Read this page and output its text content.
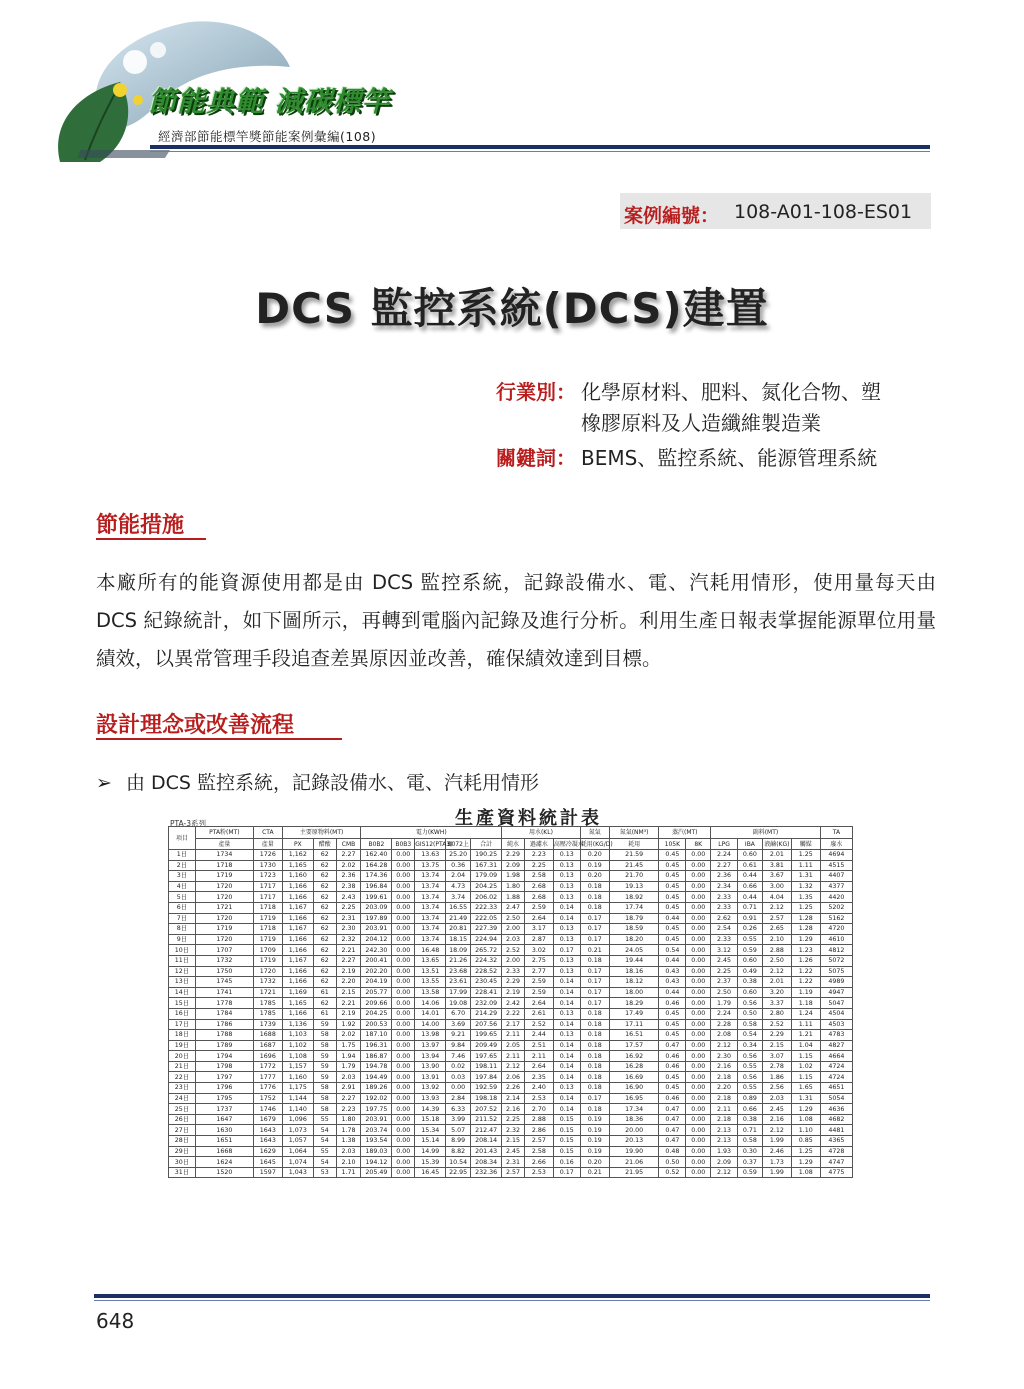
節能典範 減碳標竿
經濟部節能標竿獎節能案例彙編(108)
案例編號： 108-A01-108-ES01
DCS 監控系統(DCS)建置
行業別： 化學原材料、肥料、氮化合物、塑
橡膠原料及人造纖維製造業
關鍵詞： BEMS、監控系統、能源管理系統
節能措施
本廠所有的能資源使用都是由 DCS 監控系統，記錄設備水、電、汽耗用情形，使用量每天由 DCS 紀錄統計，如下圖所示，再轉到電腦內記錄及進行分析。利用生產日報表掌握能源單位用量績效，以異常管理手段追查差異原因並改善，確保績效達到目標。
設計理念或改善流程
➢ 由 DCS 監控系統，記錄設備水、電、汽耗用情形
生產資料統計表
PTA-3系列
項目	PTA粉(MT)	CTA	主要原物料(MT)			電力(KWH)					用水(KL)			氮氣	氮氣(NM³)	蒸汽(MT)		副料(MT)				TA
	產量	產量	PX	醋酸	CMB	B0B2	B0B3	GIS12(PTA3)	B072上	合計	純水	過濾水	高壓冷凝水	耗用(KG/D)	耗用	105K	8K	LPG	IBA	液鹼(KG)	觸媒	廢水
1日	1734	1726	1,162	62	2.27	162.40	0.00	13.63	25.20	190.25	2.29	2.23	0.13	0.20	21.59	0.45	0.00	2.24	0.60	2.01	1.25	4694
2日	1718	1730	1,165	62	2.02	164.28	0.00	13.75	0.36	167.31	2.09	2.25	0.13	0.19	21.45	0.45	0.00	2.27	0.61	3.81	1.11	4515
3日	1719	1723	1,160	62	2.36	174.36	0.00	13.74	2.04	179.09	1.98	2.58	0.13	0.20	21.70	0.45	0.00	2.36	0.44	3.67	1.31	4407
4日	1720	1717	1,166	62	2.38	196.84	0.00	13.74	4.73	204.25	1.80	2.68	0.13	0.18	19.13	0.45	0.00	2.34	0.66	3.00	1.32	4377
5日	1720	1717	1,166	62	2.43	199.61	0.00	13.74	3.74	206.02	1.88	2.68	0.13	0.18	18.92	0.45	0.00	2.33	0.44	4.04	1.35	4420
6日	1721	1718	1,167	62	2.25	203.09	0.00	13.74	16.55	222.33	2.47	2.59	0.14	0.18	17.74	0.45	0.00	2.33	0.71	2.12	1.25	5202
7日	1720	1719	1,166	62	2.31	197.89	0.00	13.74	21.49	222.05	2.50	2.64	0.14	0.17	18.79	0.44	0.00	2.62	0.91	2.57	1.28	5162
8日	1719	1718	1,167	62	2.30	203.91	0.00	13.74	20.81	227.39	2.00	3.17	0.13	0.17	18.59	0.45	0.00	2.54	0.26	2.65	1.28	4720
9日	1720	1719	1,166	62	2.32	204.12	0.00	13.74	18.15	224.94	2.03	2.87	0.13	0.17	18.20	0.45	0.00	2.33	0.55	2.10	1.29	4610
10日	1707	1709	1,166	62	2.21	242.30	0.00	16.48	18.09	265.72	2.52	3.02	0.17	0.21	24.05	0.54	0.00	3.12	0.59	2.88	1.23	4812
11日	1732	1719	1,167	62	2.27	200.41	0.00	13.65	21.26	224.32	2.00	2.75	0.13	0.18	19.44	0.44	0.00	2.45	0.60	2.50	1.26	5072
12日	1750	1720	1,166	62	2.19	202.20	0.00	13.51	23.68	228.52	2.33	2.77	0.13	0.17	18.16	0.43	0.00	2.25	0.49	2.12	1.22	5075
13日	1745	1732	1,166	62	2.20	204.19	0.00	13.55	23.61	230.45	2.29	2.59	0.14	0.17	18.12	0.43	0.00	2.37	0.38	2.01	1.22	4989
14日	1741	1721	1,169	61	2.15	205.77	0.00	13.58	17.99	228.41	2.19	2.59	0.14	0.17	18.00	0.44	0.00	2.50	0.60	3.20	1.19	4947
15日	1778	1785	1,165	62	2.21	209.66	0.00	14.06	19.08	232.09	2.42	2.64	0.14	0.17	18.29	0.46	0.00	1.79	0.56	3.37	1.18	5047
16日	1784	1785	1,166	61	2.19	204.25	0.00	14.01	6.70	214.29	2.22	2.61	0.13	0.18	17.49	0.45	0.00	2.24	0.50	2.80	1.24	4504
17日	1786	1739	1,136	59	1.92	200.53	0.00	14.00	3.69	207.56	2.17	2.52	0.14	0.18	17.11	0.45	0.00	2.28	0.58	2.52	1.11	4503
18日	1788	1688	1,103	58	2.02	187.10	0.00	13.98	9.21	199.65	2.11	2.44	0.13	0.18	16.51	0.45	0.00	2.08	0.54	2.29	1.21	4783
19日	1789	1687	1,102	58	1.75	196.31	0.00	13.97	9.84	209.49	2.05	2.51	0.14	0.18	17.57	0.47	0.00	2.12	0.34	2.15	1.04	4827
20日	1794	1696	1,108	59	1.94	186.87	0.00	13.94	7.46	197.65	2.11	2.11	0.14	0.18	16.92	0.46	0.00	2.30	0.56	3.07	1.15	4664
21日	1798	1772	1,157	59	1.79	194.78	0.00	13.90	0.02	198.11	2.12	2.64	0.14	0.18	16.28	0.46	0.00	2.16	0.55	2.78	1.02	4724
22日	1797	1777	1,160	59	2.03	194.49	0.00	13.91	0.03	197.84	2.06	2.35	0.14	0.18	16.69	0.45	0.00	2.18	0.56	1.86	1.15	4724
23日	1796	1776	1,175	58	2.91	189.26	0.00	13.92	0.00	192.59	2.26	2.40	0.13	0.18	16.90	0.45	0.00	2.20	0.55	2.56	1.65	4651
24日	1795	1752	1,144	58	2.27	192.02	0.00	13.93	2.84	198.18	2.14	2.53	0.14	0.17	16.95	0.46	0.00	2.18	0.89	2.03	1.31	5054
25日	1737	1746	1,140	58	2.23	197.75	0.00	14.39	6.33	207.52	2.16	2.70	0.14	0.18	17.34	0.47	0.00	2.11	0.66	2.45	1.29	4636
26日	1647	1679	1,096	55	1.80	203.91	0.00	15.18	3.99	211.52	2.25	2.88	0.15	0.19	18.36	0.47	0.00	2.18	0.38	2.16	1.08	4682
27日	1630	1643	1,073	54	1.78	203.74	0.00	15.34	5.07	212.47	2.32	2.86	0.15	0.19	20.00	0.47	0.00	2.13	0.71	2.12	1.10	4481
28日	1651	1643	1,057	54	1.38	193.54	0.00	15.14	8.99	208.14	2.15	2.57	0.15	0.19	20.13	0.47	0.00	2.13	0.58	1.99	0.85	4365
29日	1668	1629	1,064	55	2.03	189.03	0.00	14.99	8.82	201.43	2.45	2.58	0.15	0.19	19.90	0.48	0.00	1.93	0.30	2.46	1.25	4728
30日	1624	1645	1,074	54	2.10	194.12	0.00	15.39	10.54	208.34	2.31	2.66	0.16	0.20	21.06	0.50	0.00	2.09	0.37	1.73	1.29	4747
31日	1520	1597	1,043	53	1.71	205.49	0.00	16.45	22.95	232.36	2.57	2.53	0.17	0.21	21.95	0.52	0.00	2.12	0.59	1.99	1.08	4775
648
